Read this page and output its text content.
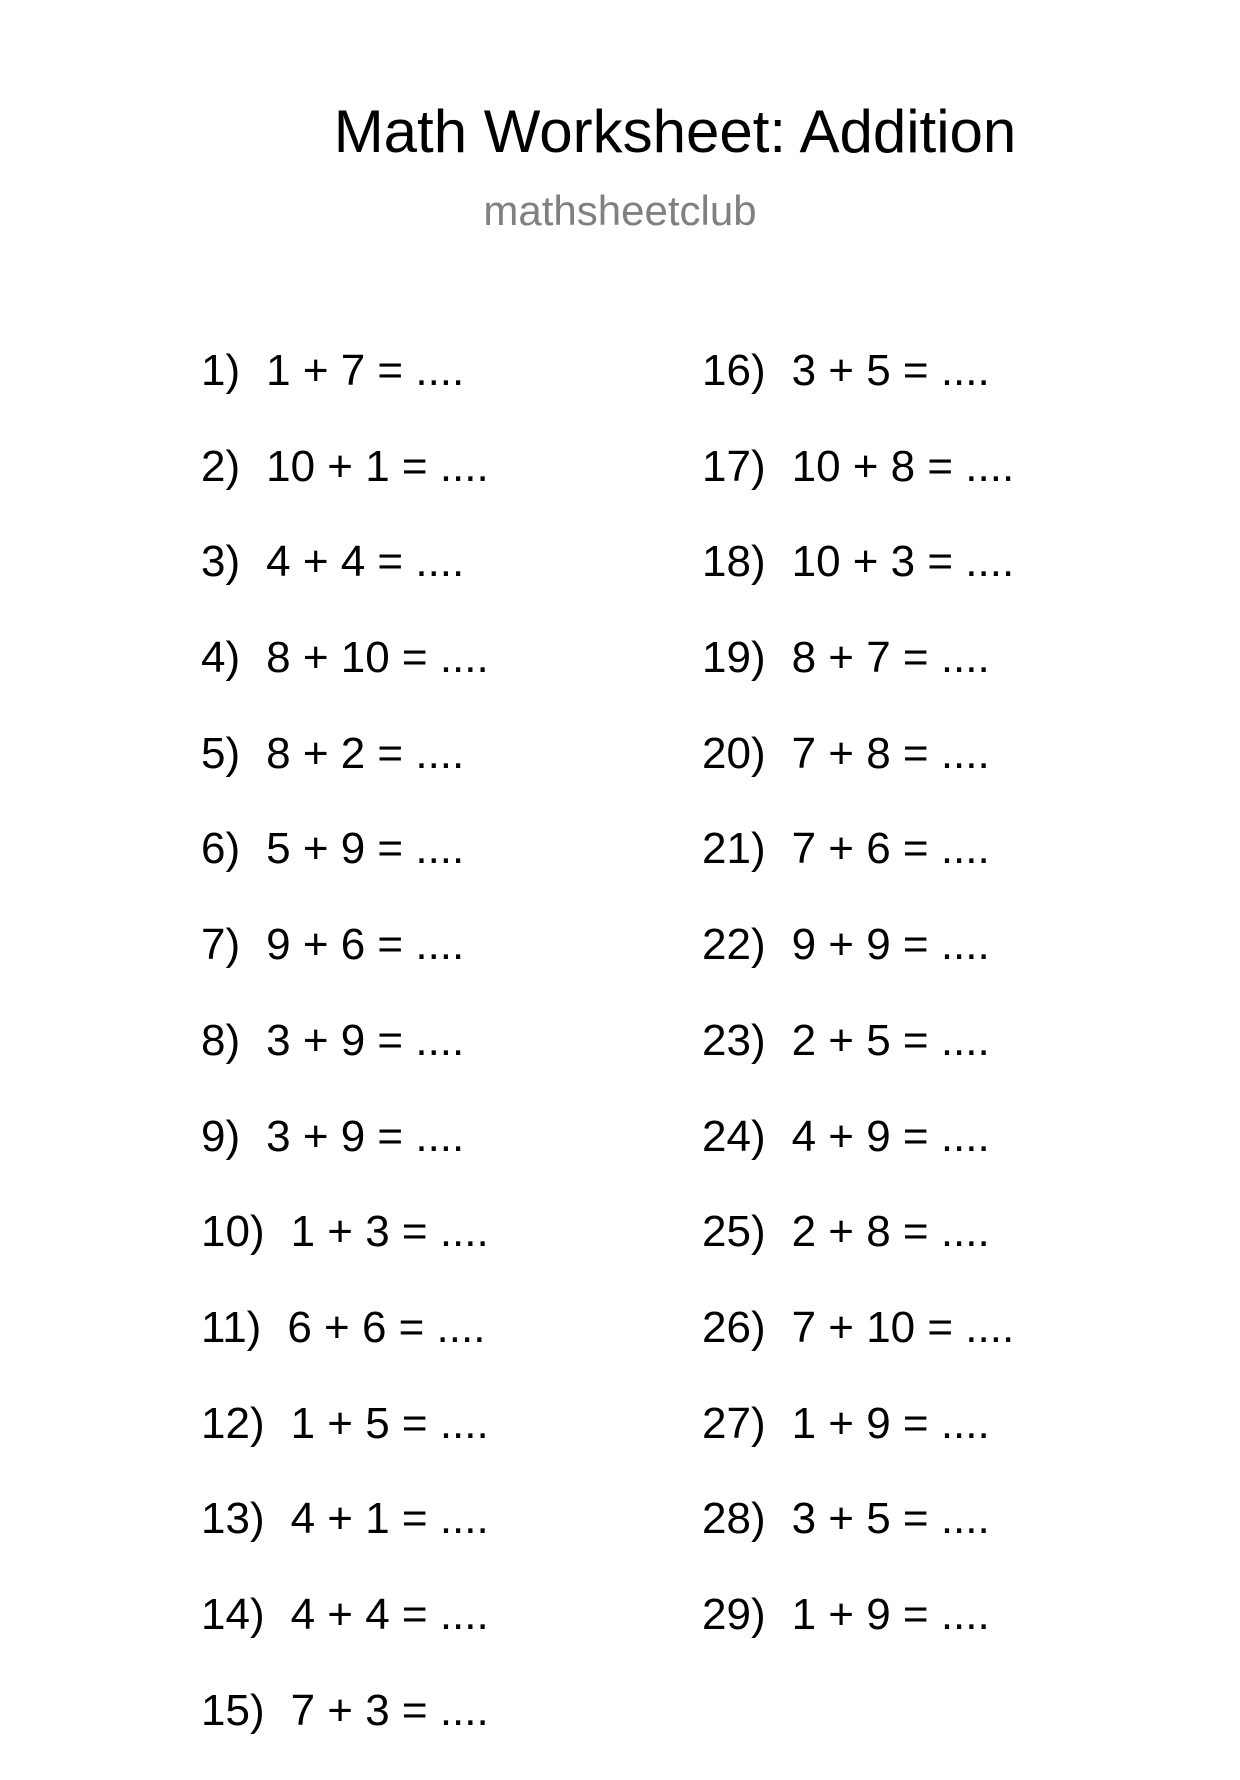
Math Worksheet: Addition
mathsheetclub
1) 1 + 7 = ....
2) 10 + 1 = ....
3) 4 + 4 = ....
4) 8 + 10 = ....
5) 8 + 2 = ....
6) 5 + 9 = ....
7) 9 + 6 = ....
8) 3 + 9 = ....
9) 3 + 9 = ....
10) 1 + 3 = ....
11) 6 + 6 = ....
12) 1 + 5 = ....
13) 4 + 1 = ....
14) 4 + 4 = ....
15) 7 + 3 = ....
16) 3 + 5 = ....
17) 10 + 8 = ....
18) 10 + 3 = ....
19) 8 + 7 = ....
20) 7 + 8 = ....
21) 7 + 6 = ....
22) 9 + 9 = ....
23) 2 + 5 = ....
24) 4 + 9 = ....
25) 2 + 8 = ....
26) 7 + 10 = ....
27) 1 + 9 = ....
28) 3 + 5 = ....
29) 1 + 9 = ....
